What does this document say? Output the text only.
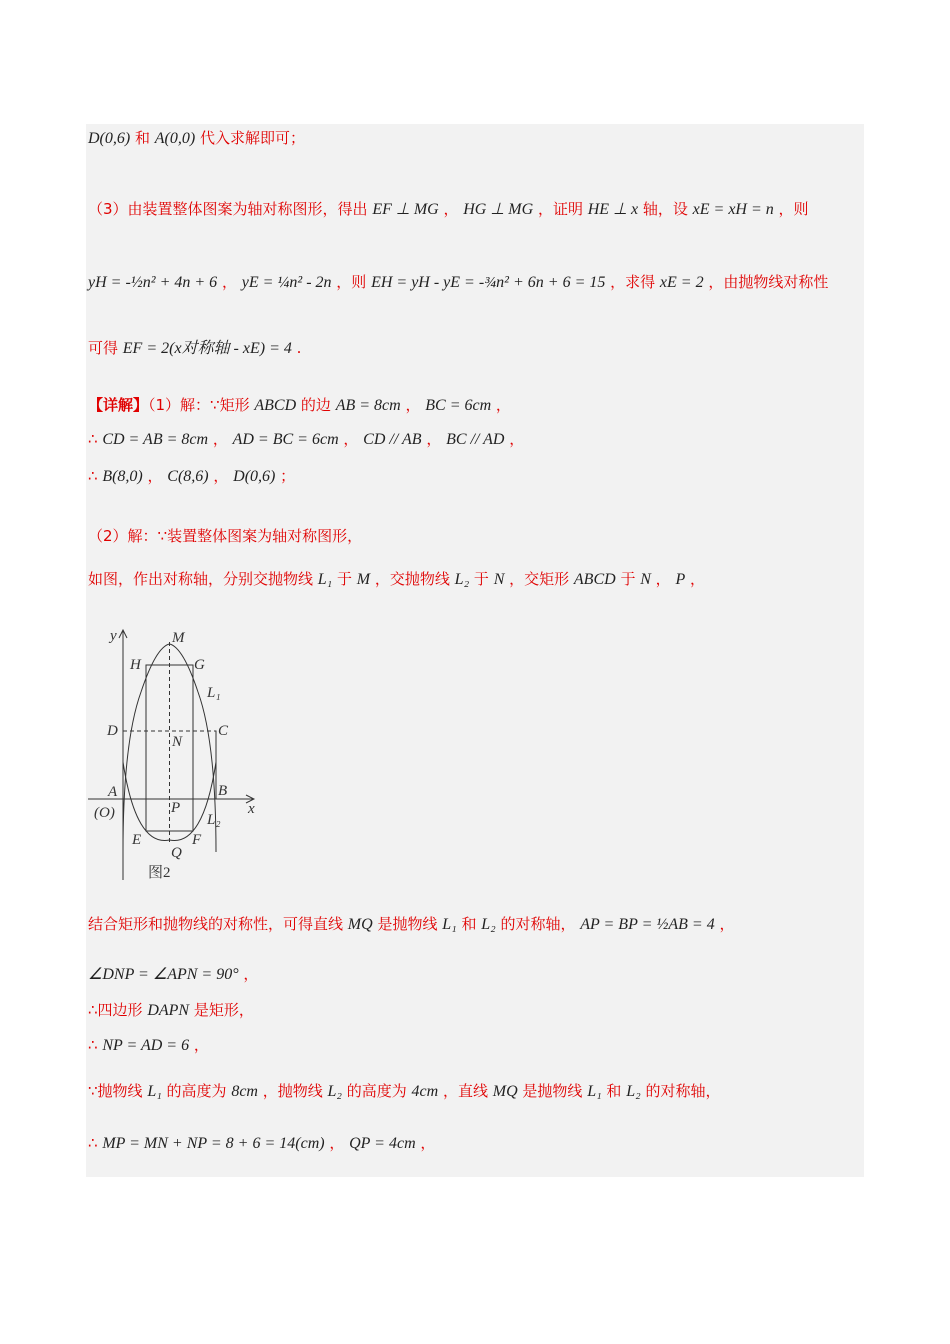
D(0,6) 和 A(0,0) 代入求解即可；
（3）由装置整体图案为轴对称图形，得出 EF ⊥ MG ， HG ⊥ MG ，证明 HE ⊥ x 轴，设 xE = xH = n ，则
yH = -½n² + 4n + 6 ， yE = ¼n² - 2n ，则 EH = yH - yE = -¾n² + 6n + 6 = 15 ，求得 xE = 2 ，由抛物线对称性
可得 EF = 2(x对称轴 - xE) = 4 .
【详解】（1）解：∵矩形 ABCD 的边 AB = 8cm ， BC = 6cm ，
∴ CD = AB = 8cm ， AD = BC = 6cm ， CD // AB ， BC // AD ，
∴ B(8,0) ， C(8,6) ， D(0,6) ；
（2）解：∵装置整体图案为轴对称图形，
如图，作出对称轴，分别交抛物线 L₁ 于 M ，交抛物线 L₂ 于 N ，交矩形 ABCD 于 N ， P ，
结合矩形和抛物线的对称性，可得直线 MQ 是抛物线 L₁ 和 L₂ 的对称轴， AP = BP = ½AB = 4 ，
∠DNP = ∠APN = 90° ，
∴四边形 DAPN 是矩形，
∴ NP = AD = 6 ，
∵抛物线 L₁ 的高度为 8cm ，抛物线 L₂ 的高度为 4cm ，直线 MQ 是抛物线 L₁ 和 L₂ 的对称轴，
∴ MP = MN + NP = 8 + 6 = 14(cm) ， QP = 4cm ，
y	M
H	G
L₁
D	C
N
A	B
(O)	P	x
L₂
E	F
Q
图2
